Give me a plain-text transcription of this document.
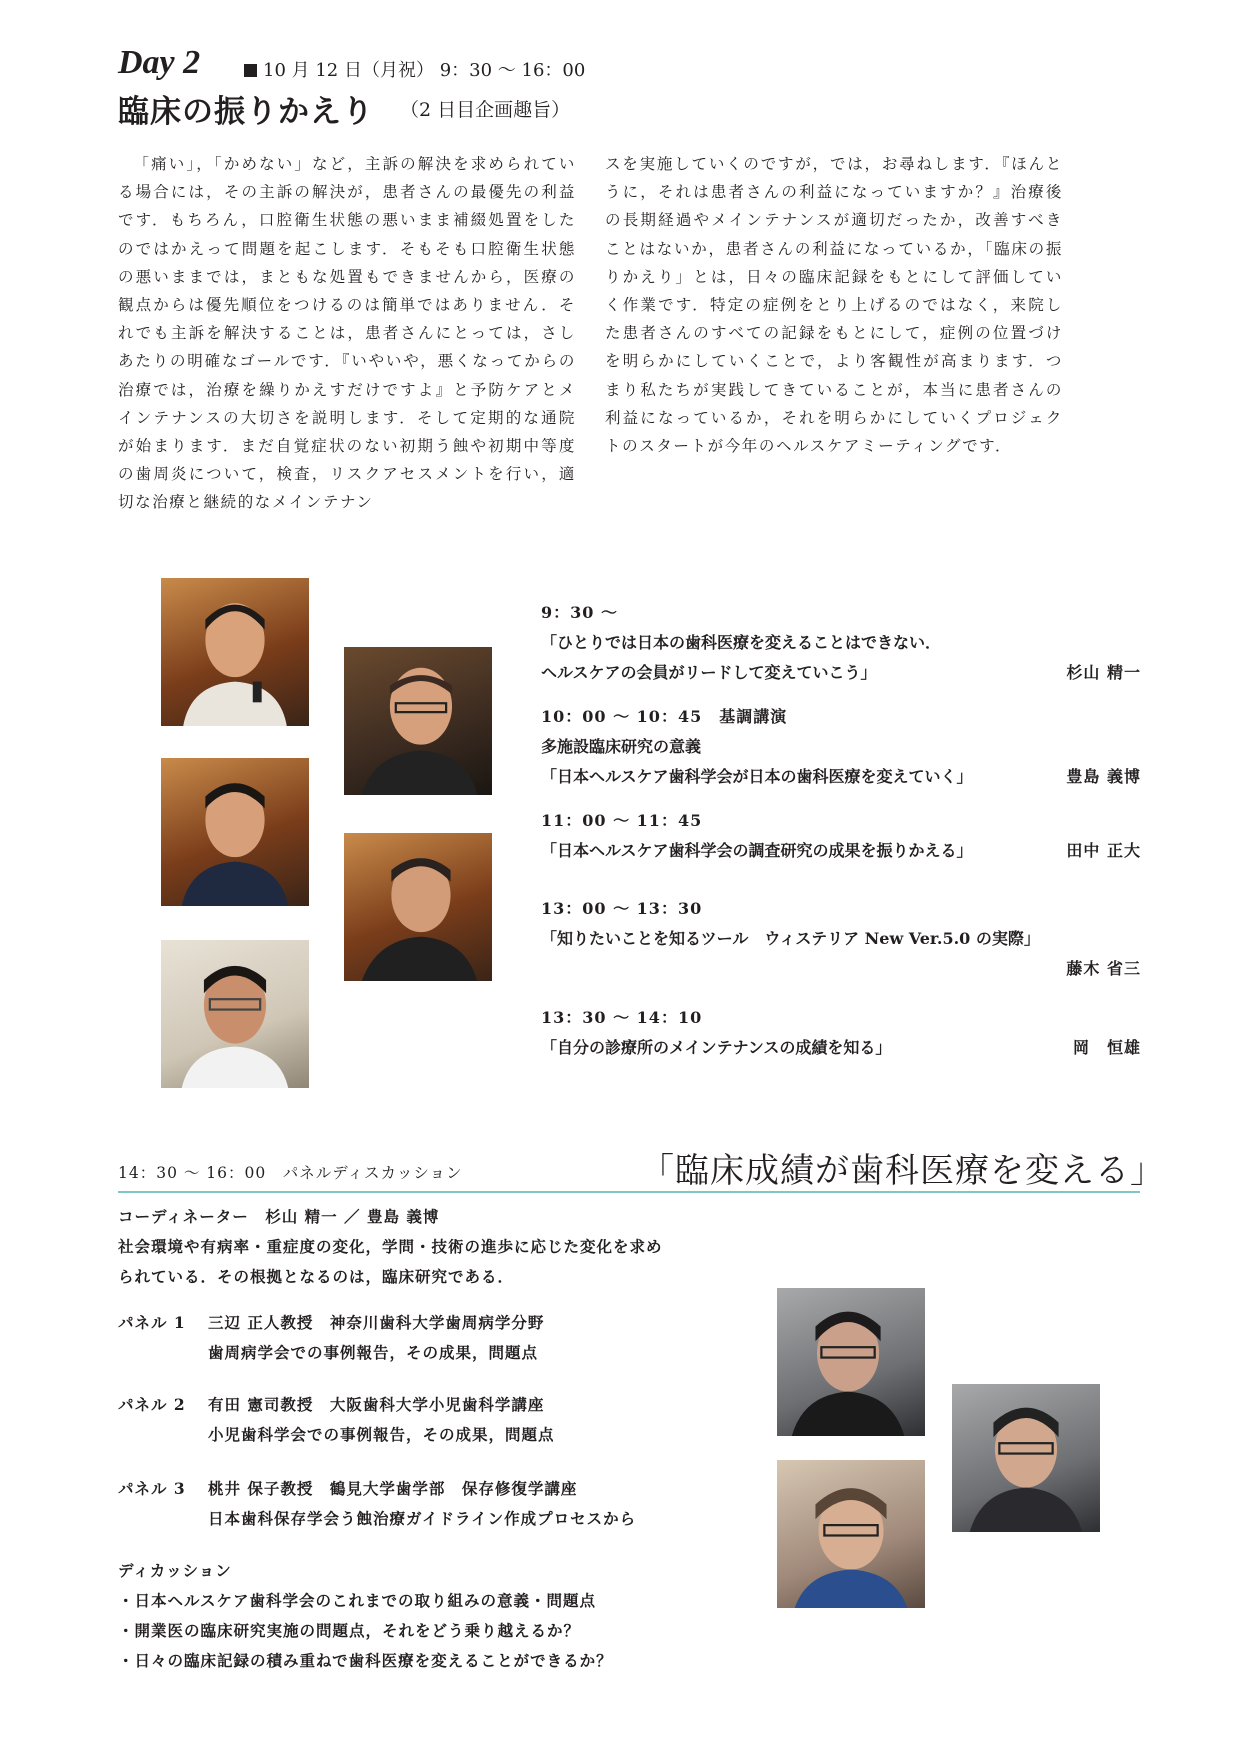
Day 2	10 月 12 日（月祝） 9：30 〜 16：00
臨床の振りかえり （2 日目企画趣旨）
「痛い」，「かめない」など，主訴の解決を求められている場合には，その主訴の解決が，患者さんの最優先の利益です．もちろん，口腔衛生状態の悪いまま補綴処置をしたのではかえって問題を起こします．そもそも口腔衛生状態の悪いままでは，まともな処置もできませんから，医療の観点からは優先順位をつけるのは簡単ではありません．それでも主訴を解決することは，患者さんにとっては，さしあたりの明確なゴールです．『いやいや，悪くなってからの治療では，治療を繰りかえすだけですよ』と予防ケアとメインテナンスの大切さを説明します．そして定期的な通院が始まります．まだ自覚症状のない初期う蝕や初期中等度の歯周炎について，検査，リスクアセスメントを行い，適切な治療と継続的なメインテナン
スを実施していくのですが，では，お尋ねします．『ほんとうに，それは患者さんの利益になっていますか？』治療後の長期経過やメインテナンスが適切だったか，改善すべきことはないか，患者さんの利益になっているか，「臨床の振りかえり」とは，日々の臨床記録をもとにして評価していく作業です．特定の症例をとり上げるのではなく，来院した患者さんのすべての記録をもとにして，症例の位置づけを明らかにしていくことで，より客観性が高まります．つまり私たちが実践してきていることが，本当に患者さんの利益になっているか，それを明らかにしていくプロジェクトのスタートが今年のヘルスケアミーティングです．
9：30 〜
「ひとりでは日本の歯科医療を変えることはできない．
ヘルスケアの会員がリードして変えていこう」	杉山 精一
10：00 〜 10：45　基調講演
多施設臨床研究の意義
「日本ヘルスケア歯科学会が日本の歯科医療を変えていく」	豊島 義博
11：00 〜 11：45
「日本ヘルスケア歯科学会の調査研究の成果を振りかえる」	田中 正大
13：00 〜 13：30
「知りたいことを知るツール　ウィステリア New Ver.5.0 の実際」
藤木 省三
13：30 〜 14：10
「自分の診療所のメインテナンスの成績を知る」	岡　恒雄
14：30 〜 16：00　パネルディスカッション	「臨床成績が歯科医療を変える」
コーディネーター　杉山 精一 ／ 豊島 義博
社会環境や有病率・重症度の変化，学問・技術の進歩に応じた変化を求め
られている．その根拠となるのは，臨床研究である．
パネル 1 三辺 正人教授　神奈川歯科大学歯周病学分野
歯周病学会での事例報告，その成果，問題点
パネル 2 有田 憲司教授　大阪歯科大学小児歯科学講座
小児歯科学会での事例報告，その成果，問題点
パネル 3 桃井 保子教授　鶴見大学歯学部　保存修復学講座
日本歯科保存学会う蝕治療ガイドライン作成プロセスから
ディカッション
・日本ヘルスケア歯科学会のこれまでの取り組みの意義・問題点
・開業医の臨床研究実施の問題点，それをどう乗り越えるか？
・日々の臨床記録の積み重ねで歯科医療を変えることができるか？
